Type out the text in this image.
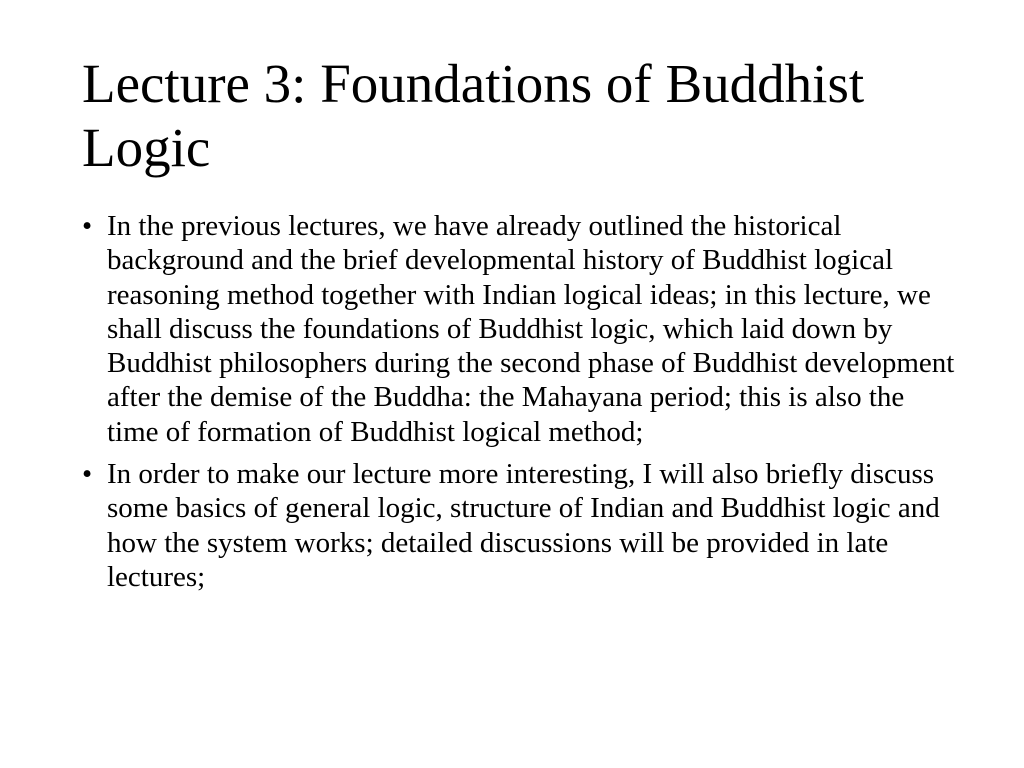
Lecture 3: Foundations of Buddhist Logic
• In the previous lectures, we have already outlined the historical background and the brief developmental history of Buddhist logical reasoning method together with Indian logical ideas; in this lecture, we shall discuss the foundations of Buddhist logic, which laid down by Buddhist philosophers during the second phase of Buddhist development after the demise of the Buddha: the Mahayana period; this is also the time of formation of Buddhist logical method;
• In order to make our lecture more interesting, I will also briefly discuss some basics of general logic, structure of Indian and Buddhist logic and how the system works; detailed discussions will be provided in late lectures;
